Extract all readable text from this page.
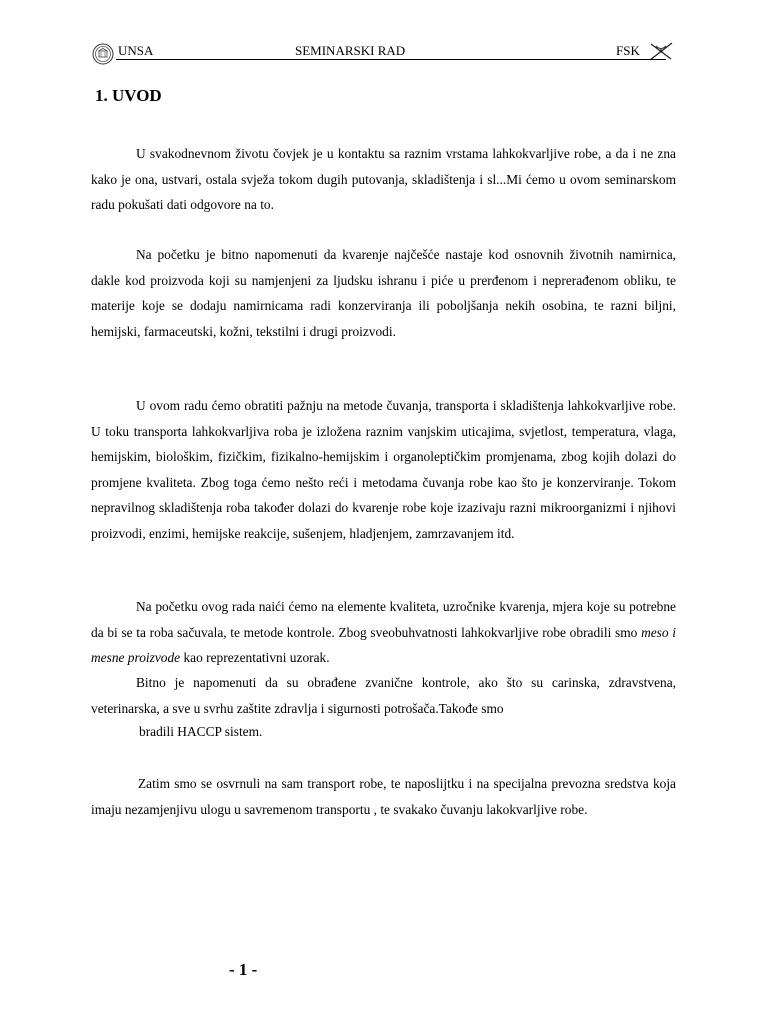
UNSA	SEMINARSKI RAD	FSK
1. UVOD

U svakodnevnom životu čovjek je u kontaktu sa raznim vrstama lahkokvarljive robe, a da i ne zna kako je ona, ustvari, ostala svježa tokom dugih putovanja, skladištenja i sl...Mi ćemo u ovom seminarskom radu pokušati dati odgovore na to.

Na početku je bitno napomenuti da kvarenje najčešće nastaje kod osnovnih životnih namirnica, dakle kod proizvoda koji su namjenjeni za ljudsku ishranu i piće u prerđenom i neprerađenom obliku, te materije koje se dodaju namirnicama radi konzerviranja ili poboljšanja nekih osobina, te razni biljni, hemijski, farmaceutski, kožni, tekstilni i drugi proizvodi.

U ovom radu ćemo obratiti pažnju na metode čuvanja, transporta i skladištenja lahkokvarljive robe. U toku transporta lahkokvarljiva roba je izložena raznim vanjskim uticajima, svjetlost, temperatura, vlaga, hemijskim, biološkim, fizičkim, fizikalno-hemijskim i organoleptičkim promjenama, zbog kojih dolazi do promjene kvaliteta. Zbog toga ćemo nešto reći i metodama čuvanja robe kao što je konzerviranje. Tokom nepravilnog skladištenja roba također dolazi do kvarenje robe koje izazivaju razni mikroorganizmi i njihovi proizvodi, enzimi, hemijske reakcije, sušenjem, hladjenjem, zamrzavanjem itd.

Na početku ovog rada naići ćemo na elemente kvaliteta, uzročnike kvarenja, mjera koje su potrebne da bi se ta roba sačuvala, te metode kontrole. Zbog sveobuhvatnosti lahkokvarljive robe obradili smo meso i mesne proizvode kao reprezentativni uzorak.

Bitno je napomenuti da su obrađene zvanične kontrole, ako što su carinska, zdravstvena, veterinarska, a sve u svrhu zaštite zdravlja i sigurnosti potrošača.Takođe smo

bradili HACCP sistem.

Zatim smo se osvrnuli na sam transport robe, te naposlijtku i na specijalna prevozna sredstva koja imaju nezamjenjivu ulogu u savremenom transportu , te svakako čuvanju lakokvarljive robe.

- 1 -
